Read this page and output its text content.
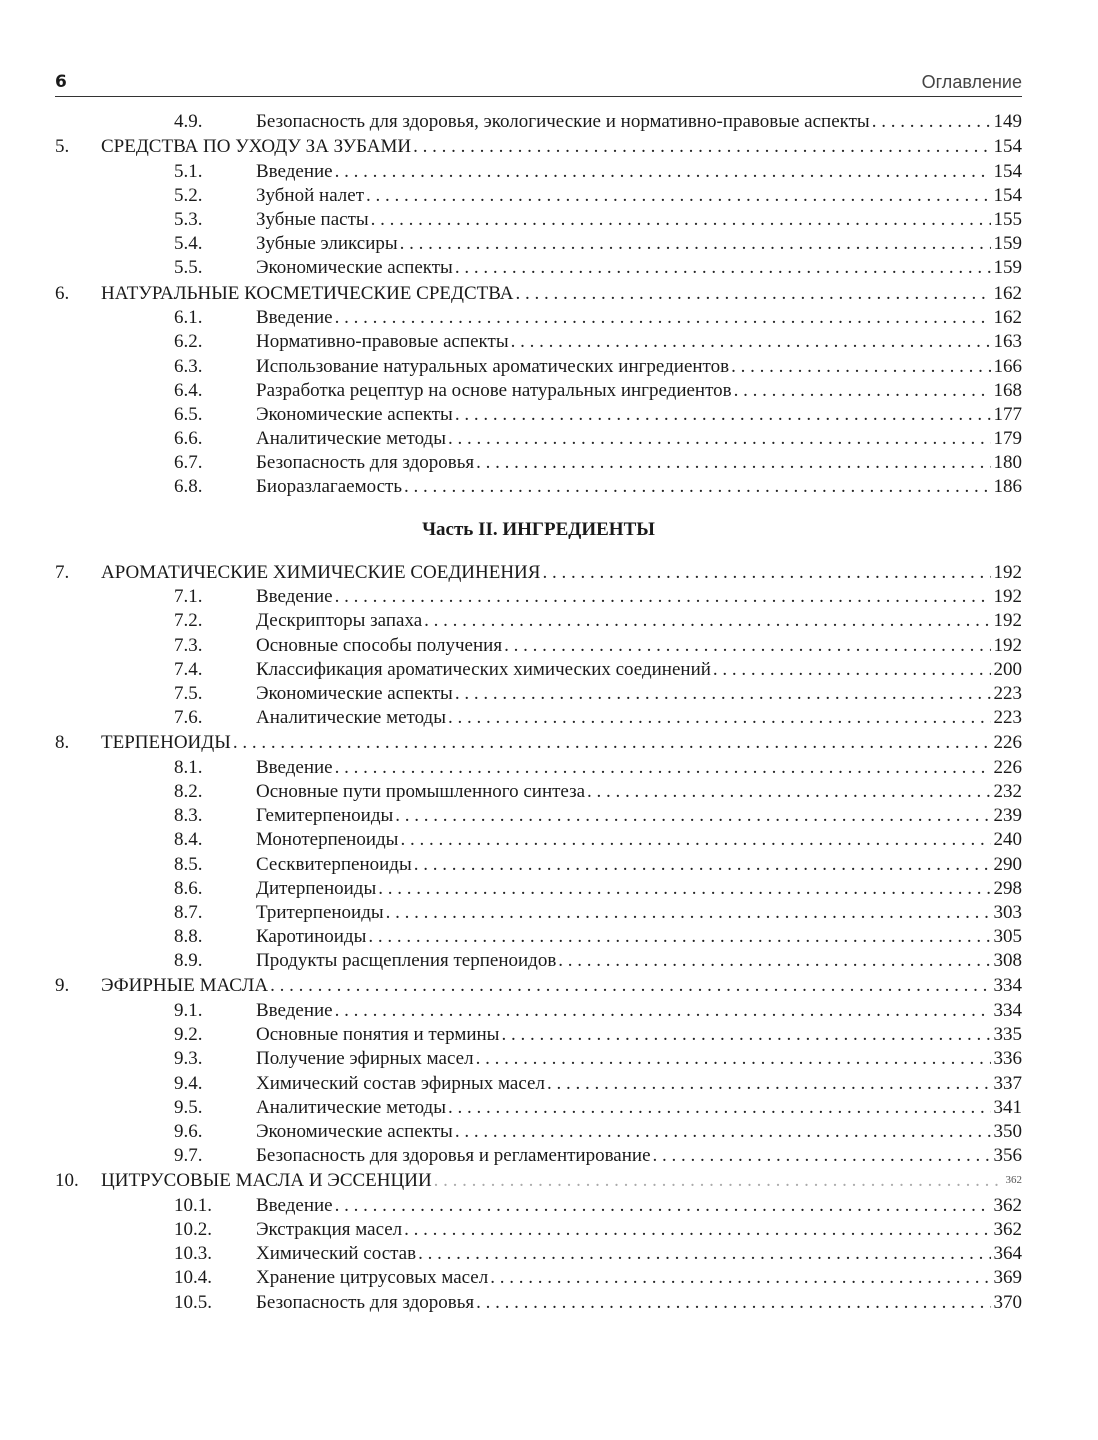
6	Оглавление
4.9.	Безопасность для здоровья, экологические и нормативно-правовые аспекты . . .	149
5. СРЕДСТВА ПО УХОДУ ЗА ЗУБАМИ . . .	154
5.1.	Введение . . .	154
5.2.	Зубной налет . . .	154
5.3.	Зубные пасты . . .	155
5.4.	Зубные эликсиры . . .	159
5.5.	Экономические аспекты . . .	159
6. НАТУРАЛЬНЫЕ КОСМЕТИЧЕСКИЕ СРЕДСТВА . . .	162
6.1.	Введение . . .	162
6.2.	Нормативно-правовые аспекты . . .	163
6.3.	Использование натуральных ароматических ингредиентов . . .	166
6.4.	Разработка рецептур на основе натуральных ингредиентов . . .	168
6.5.	Экономические аспекты . . .	177
6.6.	Аналитические методы . . .	179
6.7.	Безопасность для здоровья . . .	180
6.8.	Биоразлагаемость . . .	186
Часть II. ИНГРЕДИЕНТЫ
7. АРОМАТИЧЕСКИЕ ХИМИЧЕСКИЕ СОЕДИНЕНИЯ . . .	192
7.1.	Введение . . .	192
7.2.	Дескрипторы запаха . . .	192
7.3.	Основные способы получения . . .	192
7.4.	Классификация ароматических химических соединений . . .	200
7.5.	Экономические аспекты . . .	223
7.6.	Аналитические методы . . .	223
8. ТЕРПЕНОИДЫ . . .	226
8.1.	Введение . . .	226
8.2.	Основные пути промышленного синтеза . . .	232
8.3.	Гемитерпеноиды . . .	239
8.4.	Монотерпеноиды . . .	240
8.5.	Сесквитерпеноиды . . .	290
8.6.	Дитерпеноиды . . .	298
8.7.	Тритерпеноиды . . .	303
8.8.	Каротиноиды . . .	305
8.9.	Продукты расщепления терпеноидов . . .	308
9. ЭФИРНЫЕ МАСЛА . . .	334
9.1.	Введение . . .	334
9.2.	Основные понятия и термины . . .	335
9.3.	Получение эфирных масел . . .	336
9.4.	Химический состав эфирных масел . . .	337
9.5.	Аналитические методы . . .	341
9.6.	Экономические аспекты . . .	350
9.7.	Безопасность для здоровья и регламентирование . . .	356
10. ЦИТРУСОВЫЕ МАСЛА И ЭССЕНЦИИ . . .	362
10.1. Введение . . .	362
10.2. Экстракция масел . . .	362
10.3. Химический состав . . .	364
10.4. Хранение цитрусовых масел . . .	369
10.5. Безопасность для здоровья . . .	370
